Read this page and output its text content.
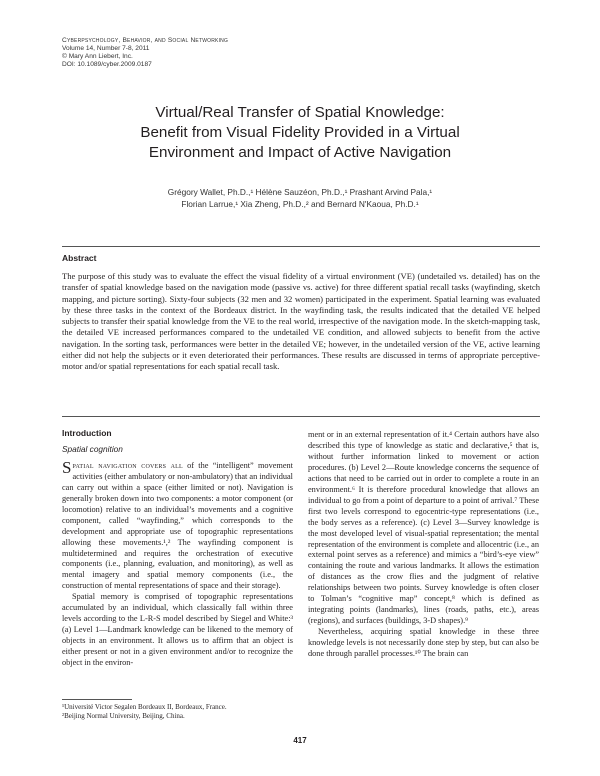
Cyberpsychology, Behavior, and Social Networking
Volume 14, Number 7-8, 2011
© Mary Ann Liebert, Inc.
DOI: 10.1089/cyber.2009.0187
Virtual/Real Transfer of Spatial Knowledge:
Benefit from Visual Fidelity Provided in a Virtual
Environment and Impact of Active Navigation
Grégory Wallet, Ph.D.,¹ Hélène Sauzéon, Ph.D.,¹ Prashant Arvind Pala,¹
Florian Larrue,¹ Xia Zheng, Ph.D.,² and Bernard N'Kaoua, Ph.D.¹
Abstract
The purpose of this study was to evaluate the effect the visual fidelity of a virtual environment (VE) (undetailed vs. detailed) has on the transfer of spatial knowledge based on the navigation mode (passive vs. active) for three different spatial recall tasks (wayfinding, sketch mapping, and picture sorting). Sixty-four subjects (32 men and 32 women) participated in the experiment. Spatial learning was evaluated by these three tasks in the context of the Bordeaux district. In the wayfinding task, the results indicated that the detailed VE helped subjects to transfer their spatial knowledge from the VE to the real world, irrespective of the navigation mode. In the sketch-mapping task, the detailed VE increased performances compared to the undetailed VE condition, and allowed subjects to benefit from the active navigation. In the sorting task, performances were better in the detailed VE; however, in the undetailed version of the VE, active learning either did not help the subjects or it even deteriorated their performances. These results are discussed in terms of appropriate perceptive-motor and/or spatial representations for each spatial recall task.
Introduction
Spatial cognition

Spatial navigation covers all of the “intelligent” movement activities (either ambulatory or non-ambulatory) that an individual can carry out within a space (either limited or not). Navigation is generally broken down into two components: a motor component (or locomotion) relative to an individual’s movements and a cognitive component, called “wayfinding,” which corresponds to the development and appropriate use of topographic representations allowing these movements.¹,² The wayfinding component is multidetermined and requires the orchestration of executive components (i.e., planning, evaluation, and monitoring), as well as mental imagery and spatial memory components (i.e., the construction of mental representations of space and their storage).

Spatial memory is comprised of topographic representations accumulated by an individual, which classically fall within three levels according to the L-R-S model described by Siegel and White:³ (a) Level 1—Landmark knowledge can be likened to the memory of objects in an environment. It allows us to affirm that an object is either present or not in a given environment and/or to recognize the object in the environ-

ment or in an external representation of it.⁴ Certain authors have also described this type of knowledge as static and declarative,⁵ that is, without further information linked to movement or action procedures. (b) Level 2—Route knowledge concerns the sequence of actions that need to be carried out in order to complete a route in an environment.⁶ It is therefore procedural knowledge that allows an individual to go from a point of departure to a point of arrival.⁷ These first two levels correspond to egocentric-type representations (i.e., the body serves as a reference). (c) Level 3—Survey knowledge is the most developed level of visual-spatial representation; the mental representation of the environment is complete and allocentric (i.e., an external point serves as a reference) and mimics a “bird’s-eye view” containing the route and various landmarks. It allows the estimation of distances as the crow flies and the judgment of relative relationships between two points. Survey knowledge is often closer to Tolman’s “cognitive map” concept,⁸ which is defined as integrating points (landmarks), lines (roads, paths, etc.), areas (regions), and surfaces (buildings, 3-D shapes).⁹

Nevertheless, acquiring spatial knowledge in these three knowledge levels is not necessarily done step by step, but can also be done through parallel processes.¹⁰ The brain can

¹Université Victor Segalen Bordeaux II, Bordeaux, France.
²Beijing Normal University, Beijing, China.
417
